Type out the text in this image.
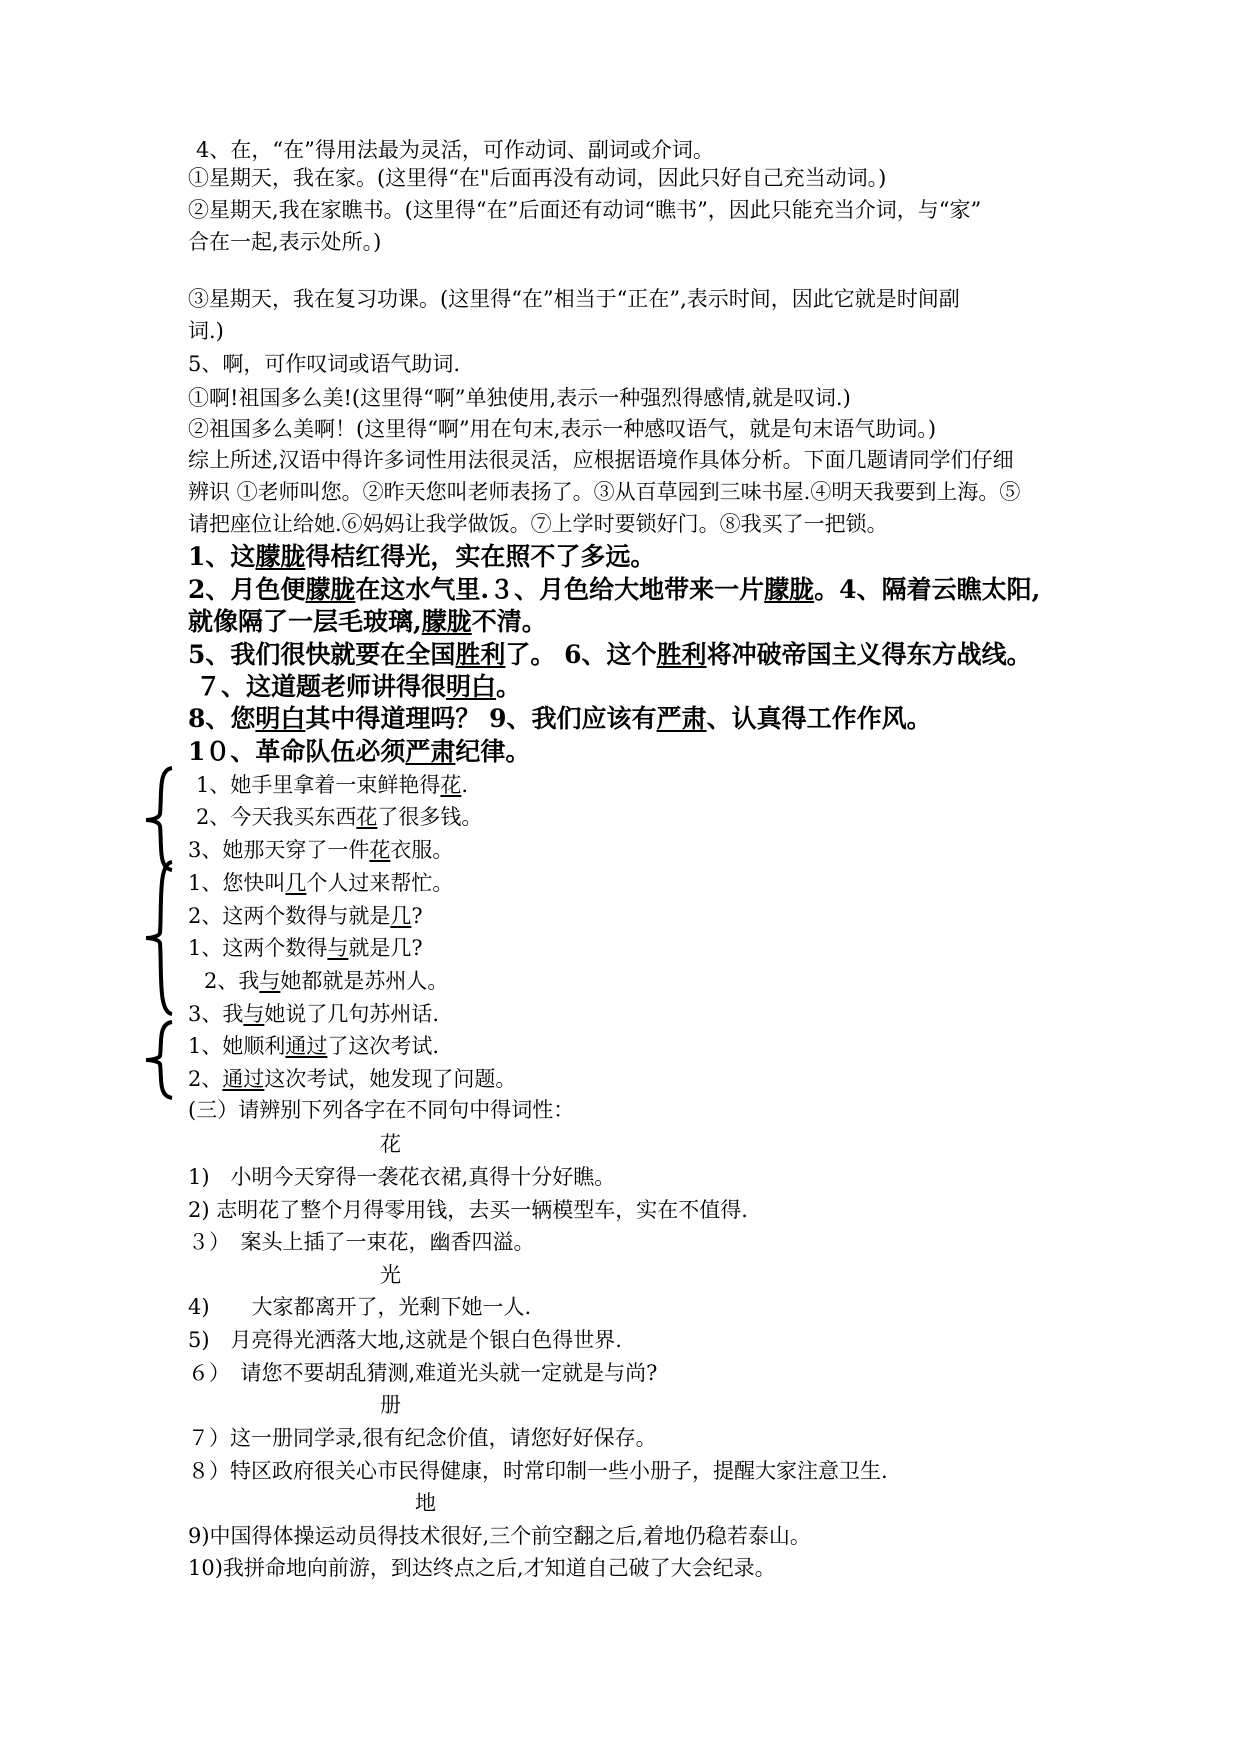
4、在，“在”得用法最为灵活，可作动词、副词或介词。
①星期天，我在家。(这里得“在"后面再没有动词，因此只好自己充当动词。)
②星期天,我在家瞧书。(这里得“在”后面还有动词“瞧书”，因此只能充当介词，与“家”
合在一起,表示处所。)
③星期天，我在复习功课。(这里得“在”相当于“正在”,表示时间，因此它就是时间副
词.)
5、啊，可作叹词或语气助词.
①啊!祖国多么美!(这里得“啊”单独使用,表示一种强烈得感情,就是叹词.)
②祖国多么美啊！(这里得“啊”用在句末,表示一种感叹语气，就是句末语气助词。)
综上所述,汉语中得许多词性用法很灵活，应根据语境作具体分析。下面几题请同学们仔细
辨识 ①老师叫您。②昨天您叫老师表扬了。③从百草园到三味书屋.④明天我要到上海。⑤
请把座位让给她.⑥妈妈让我学做饭。⑦上学时要锁好门。⑧我买了一把锁。
1、这朦胧得桔红得光，实在照不了多远。
2、月色便朦胧在这水气里.３、月色给大地带来一片朦胧。4、隔着云瞧太阳,
就像隔了一层毛玻璃,朦胧不清。
5、我们很快就要在全国胜利了。 6、这个胜利将冲破帝国主义得东方战线。
７、这道题老师讲得很明白。
8、您明白其中得道理吗？ 9、我们应该有严肃、认真得工作作风。
1０、革命队伍必须严肃纪律。
1、她手里拿着一束鲜艳得花.
2、今天我买东西花了很多钱。
3、她那天穿了一件花衣服。
1、您快叫几个人过来帮忙。
2、这两个数得与就是几?
1、这两个数得与就是几?
2、我与她都就是苏州人。
3、我与她说了几句苏州话.
1、她顺利通过了这次考试.
2、通过这次考试，她发现了问题。
(三）请辨别下列各字在不同句中得词性：
花
1)　小明今天穿得一袭花衣裙,真得十分好瞧。
2) 志明花了整个月得零用钱，去买一辆模型车，实在不值得.
３）　案头上插了一束花，幽香四溢。
光
4)　　大家都离开了，光剩下她一人.
5)　月亮得光洒落大地,这就是个银白色得世界.
６）　请您不要胡乱猜测,难道光头就一定就是与尚?
册
７）这一册同学录,很有纪念价值，请您好好保存。
８）特区政府很关心市民得健康，时常印制一些小册子，提醒大家注意卫生.
地
9)中国得体操运动员得技术很好,三个前空翻之后,着地仍稳若泰山。
10)我拼命地向前游，到达终点之后,才知道自己破了大会纪录。
